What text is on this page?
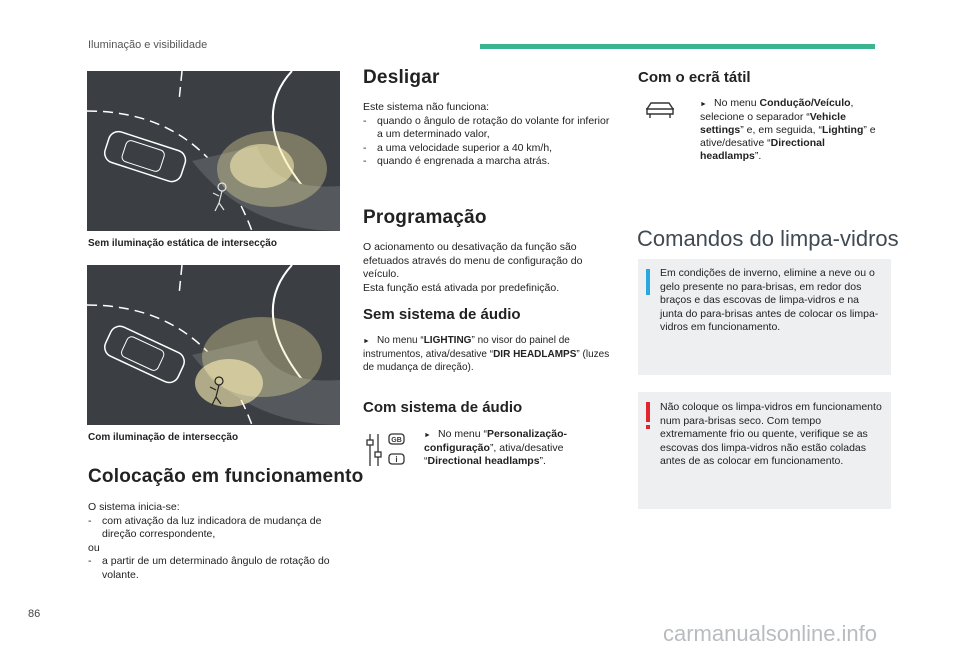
Iluminação e visibilidade
Sem iluminação estática de intersecção
Com iluminação de intersecção
Colocação em funcionamento

O sistema inicia-se:

- com ativação da luz indicadora de mudança de direção correspondente,

ou

- a partir de um determinado ângulo de rotação do volante.
Desligar

Este sistema não funciona:

- quando o ângulo de rotação do volante for inferior a um determinado valor,
- a uma velocidade superior a 40 km/h,
- quando é engrenada a marcha atrás.
Programação

O acionamento ou desativação da função são efetuados através do menu de configuração do veículo.

Esta função está ativada por predefinição.

Sem sistema de áudio
► No menu “LIGHTING” no visor do painel de instrumentos, ativa/desative “DIR HEADLAMPS” (luzes de mudança de direção).
Com sistema de áudio
GB
i
► No menu “Personalização-configuração”, ativa/desative “Directional headlamps”.
Com o ecrã tátil
► No menu Condução/Veículo, selecione o separador “Vehicle settings” e, em seguida, “Lighting” e ative/desative “Directional headlamps”.
Comandos do limpa-vidros

Em condições de inverno, elimine a neve ou o gelo presente no para-brisas, em redor dos braços e das escovas de limpa-vidros e na junta do para-brisas antes de colocar os limpa-vidros em funcionamento.

Não coloque os limpa-vidros em funcionamento num para-brisas seco. Com tempo extremamente frio ou quente, verifique se as escovas dos limpa-vidros não estão coladas antes de as colocar em funcionamento.

86
carmanualsonline.info
